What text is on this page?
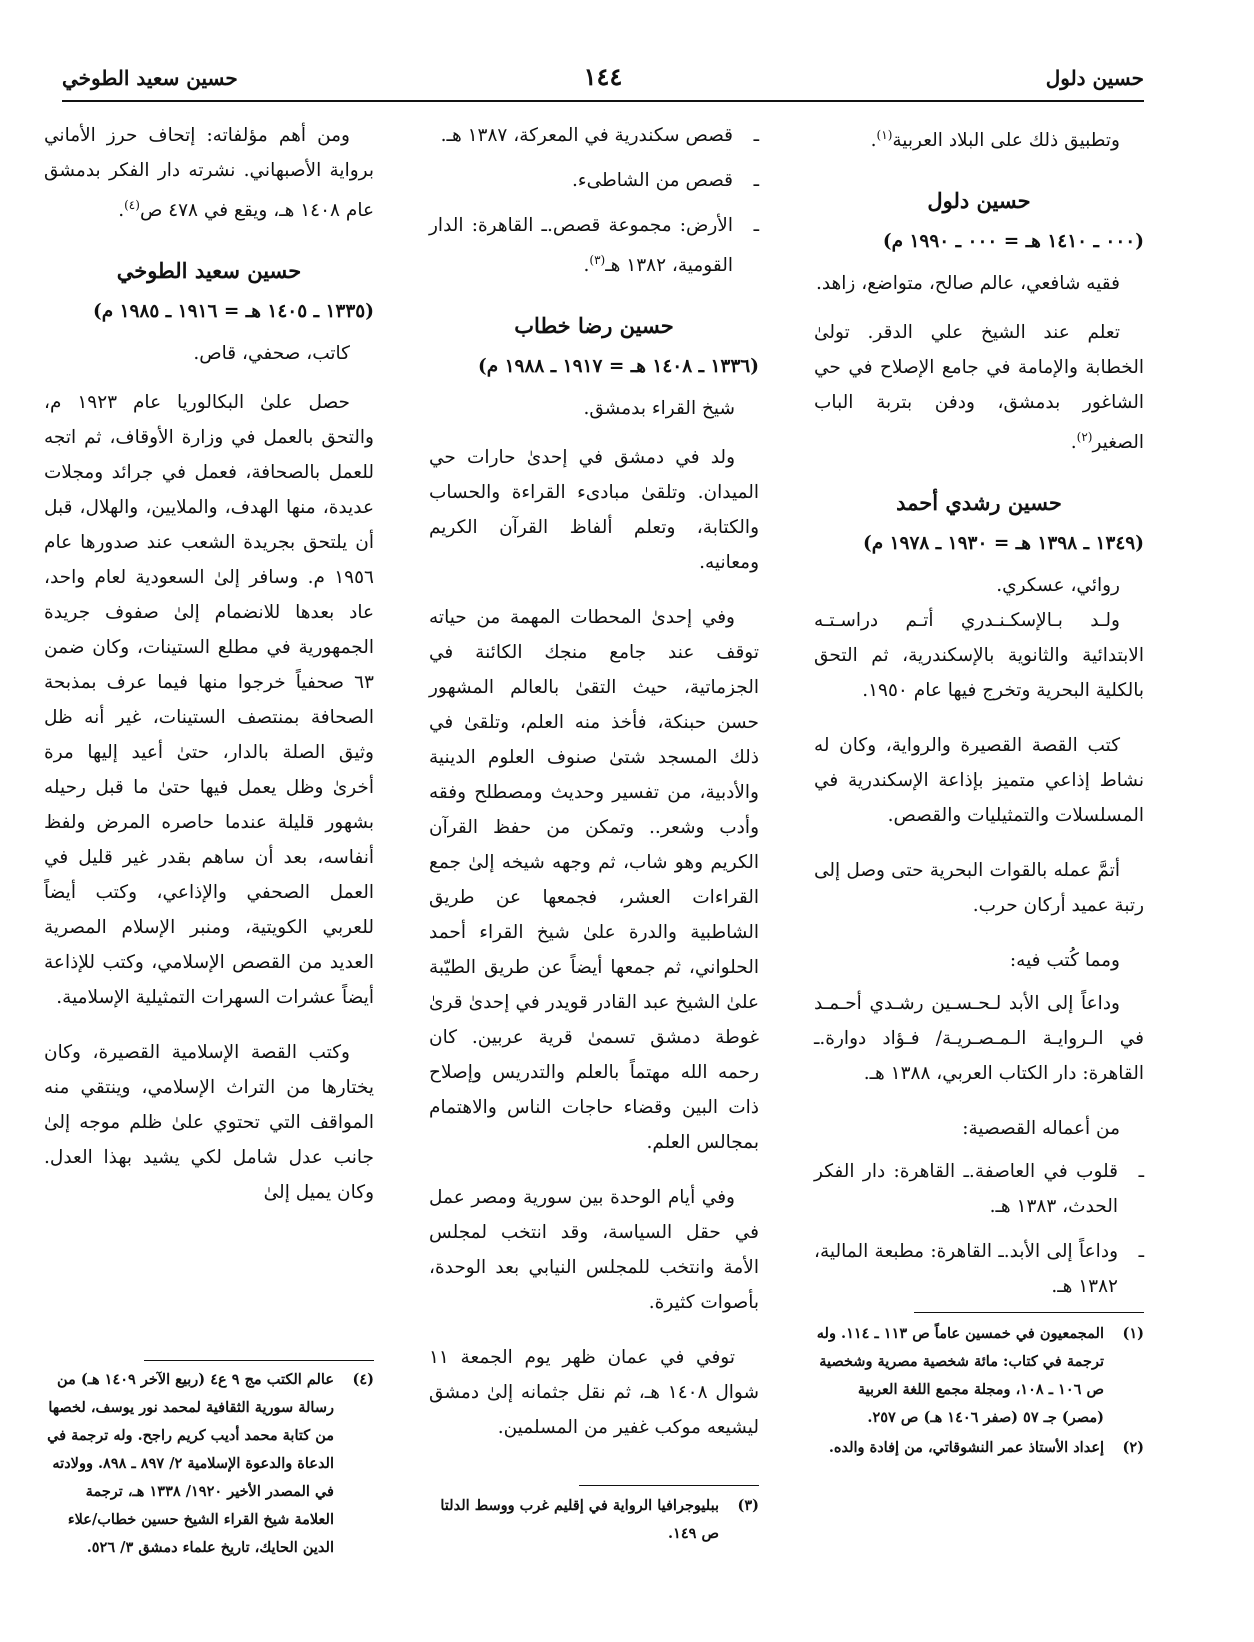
حسين دلول
١٤٤
حسين سعيد الطوخي

وتطبيق ذلك على البلاد العربية$^{(١)}$.

حسين دلول
(٠٠٠ ـ ١٤١٠ هـ = ٠٠٠ ـ ١٩٩٠ م)
فقيه شافعي، عالم صالح، متواضع، زاهد.

تعلم عند الشيخ علي الدقر. تولىٰ الخطابة والإمامة في جامع الإصلاح في حي الشاغور بدمشق، ودفن بتربة الباب الصغير$^{(٢)}$.

حسين رشدي أحمد
(١٣٤٩ ـ ١٣٩٨ هـ = ١٩٣٠ ـ ١٩٧٨ م)
روائي، عسكري.

ولـد بـالإسكـنـدري أتـم دراسـتـه الابتدائية والثانوية بالإسكندرية، ثم التحق بالكلية البحرية وتخرج فيها عام ١٩٥٠.

كتب القصة القصيرة والرواية، وكان له نشاط إذاعي متميز بإذاعة الإسكندرية في المسلسلات والتمثيليات والقصص.

أتمَّ عمله بالقوات البحرية حتى وصل إلى رتبة عميد أركان حرب.

ومما كُتب فيه:

وداعاً إلى الأبد لـحـسـين رشـدي أحـمـد في الـروايـة الـمـصـريـة/ فـؤاد دوارة.ـ القاهرة: دار الكتاب العربي، ١٣٨٨ هـ.

من أعماله القصصية:

ـ
قلوب في العاصفة.ـ القاهرة: دار الفكر الحدث، ١٣٨٣ هـ.
ـ
وداعاً إلى الأبد.ـ القاهرة: مطبعة المالية، ١٣٨٢ هـ.
ـ
قصص سكندرية في المعركة، ١٣٨٧ هـ.
ـ
قصص من الشاطىء.
ـ
الأرض: مجموعة قصص.ـ القاهرة: الدار القومية، ١٣٨٢ هـ$^{(٣)}$.
حسين رضا خطاب
(١٣٣٦ ـ ١٤٠٨ هـ = ١٩١٧ ـ ١٩٨٨ م)
شيخ القراء بدمشق.

ولد في دمشق في إحدىٰ حارات حي الميدان. وتلقىٰ مبادىء القراءة والحساب والكتابة، وتعلم ألفاظ القرآن الكريم ومعانيه.

وفي إحدىٰ المحطات المهمة من حياته توقف عند جامع منجك الكائنة في الجزماتية، حيث التقىٰ بالعالم المشهور حسن حبنكة، فأخذ منه العلم، وتلقىٰ في ذلك المسجد شتىٰ صنوف العلوم الدينية والأدبية، من تفسير وحديث ومصطلح وفقه وأدب وشعر.. وتمكن من حفظ القرآن الكريم وهو شاب، ثم وجهه شيخه إلىٰ جمع القراءات العشر، فجمعها عن طريق الشاطبية والدرة علىٰ شيخ القراء أحمد الحلواني، ثم جمعها أيضاً عن طريق الطيّبة علىٰ الشيخ عبد القادر قويدر في إحدىٰ قرىٰ غوطة دمشق تسمىٰ قرية عربين. كان رحمه الله مهتماً بالعلم والتدريس وإصلاح ذات البين وقضاء حاجات الناس والاهتمام بمجالس العلم.

وفي أيام الوحدة بين سورية ومصر عمل في حقل السياسة، وقد انتخب لمجلس الأمة وانتخب للمجلس النيابي بعد الوحدة، بأصوات كثيرة.

توفي في عمان ظهر يوم الجمعة ١١ شوال ١٤٠٨ هـ، ثم نقل جثمانه إلىٰ دمشق ليشيعه موكب غفير من المسلمين.

ومن أهم مؤلفاته: إتحاف حرز الأماني برواية الأصبهاني. نشرته دار الفكر بدمشق عام ١٤٠٨ هـ، ويقع في ٤٧٨ ص$^{(٤)}$.

حسين سعيد الطوخي
(١٣٣٥ ـ ١٤٠٥ هـ = ١٩١٦ ـ ١٩٨٥ م)
كاتب، صحفي، قاص.

حصل علىٰ البكالوريا عام ١٩٢٣ م، والتحق بالعمل في وزارة الأوقاف، ثم اتجه للعمل بالصحافة، فعمل في جرائد ومجلات عديدة، منها الهدف، والملايين، والهلال، قبل أن يلتحق بجريدة الشعب عند صدورها عام ١٩٥٦ م. وسافر إلىٰ السعودية لعام واحد، عاد بعدها للانضمام إلىٰ صفوف جريدة الجمهورية في مطلع الستينات، وكان ضمن ٦٣ صحفياً خرجوا منها فيما عرف بمذبحة الصحافة بمنتصف الستينات، غير أنه ظل وثيق الصلة بالدار، حتىٰ أعيد إليها مرة أخرىٰ وظل يعمل فيها حتىٰ ما قبل رحيله بشهور قليلة عندما حاصره المرض ولفظ أنفاسه، بعد أن ساهم بقدر غير قليل في العمل الصحفي والإذاعي، وكتب أيضاً للعربي الكويتية، ومنبر الإسلام المصرية العديد من القصص الإسلامي، وكتب للإذاعة أيضاً عشرات السهرات التمثيلية الإسلامية.

وكتب القصة الإسلامية القصيرة، وكان يختارها من التراث الإسلامي، وينتقي منه المواقف التي تحتوي علىٰ ظلم موجه إلىٰ جانب عدل شامل لكي يشيد بهذا العدل. وكان يميل إلىٰ

(١)
المجمعيون في خمسين عاماً ص ١١٣ ـ ١١٤. وله ترجمة في كتاب: مائة شخصية مصرية وشخصية ص ١٠٦ ـ ١٠٨، ومجلة مجمع اللغة العربية (مصر) جـ ٥٧ (صفر ١٤٠٦ هـ) ص ٢٥٧.
(٢)
إعداد الأستاذ عمر النشوقاتي، من إفادة والده.
(٣)
ببليوجرافيا الرواية في إقليم غرب ووسط الدلتا ص ١٤٩.
(٤)
عالم الكتب مج ٩ ع٤ (ربيع الآخر ١٤٠٩ هـ) من رسالة سورية الثقافية لمحمد نور يوسف، لخصها من كتابة محمد أديب كريم راجح. وله ترجمة في الدعاة والدعوة الإسلامية ٢/ ٨٩٧ ـ ٨٩٨. وولادته في المصدر الأخير ١٩٢٠/ ١٣٣٨ هـ، ترجمة العلامة شيخ القراء الشيخ حسين خطاب/علاء الدين الحايك، تاريخ علماء دمشق ٣/ ٥٢٦.
